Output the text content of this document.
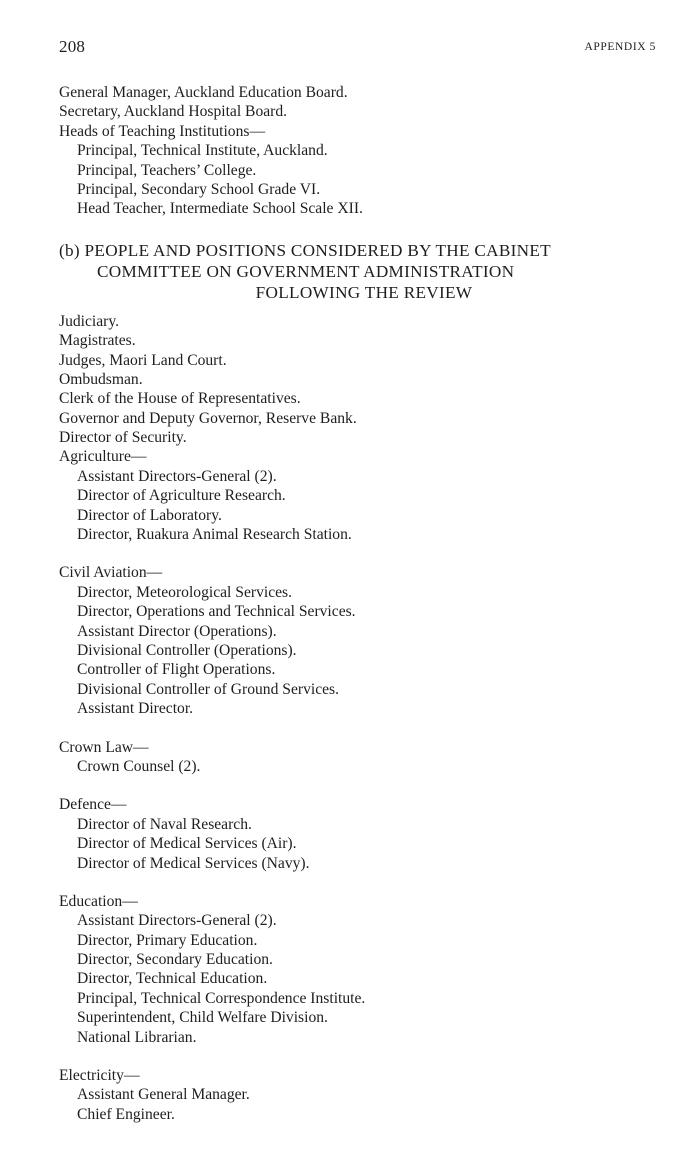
208	APPENDIX 5
General Manager, Auckland Education Board.
Secretary, Auckland Hospital Board.
Heads of Teaching Institutions—
Principal, Technical Institute, Auckland.
Principal, Teachers’ College.
Principal, Secondary School Grade VI.
Head Teacher, Intermediate School Scale XII.
(b) PEOPLE AND POSITIONS CONSIDERED BY THE CABINET
COMMITTEE ON GOVERNMENT ADMINISTRATION
FOLLOWING THE REVIEW
Judiciary.
Magistrates.
Judges, Maori Land Court.
Ombudsman.
Clerk of the House of Representatives.
Governor and Deputy Governor, Reserve Bank.
Director of Security.
Agriculture—
Assistant Directors-General (2).
Director of Agriculture Research.
Director of Laboratory.
Director, Ruakura Animal Research Station.
Civil Aviation—
Director, Meteorological Services.
Director, Operations and Technical Services.
Assistant Director (Operations).
Divisional Controller (Operations).
Controller of Flight Operations.
Divisional Controller of Ground Services.
Assistant Director.
Crown Law—
Crown Counsel (2).
Defence—
Director of Naval Research.
Director of Medical Services (Air).
Director of Medical Services (Navy).
Education—
Assistant Directors-General (2).
Director, Primary Education.
Director, Secondary Education.
Director, Technical Education.
Principal, Technical Correspondence Institute.
Superintendent, Child Welfare Division.
National Librarian.
Electricity—
Assistant General Manager.
Chief Engineer.
